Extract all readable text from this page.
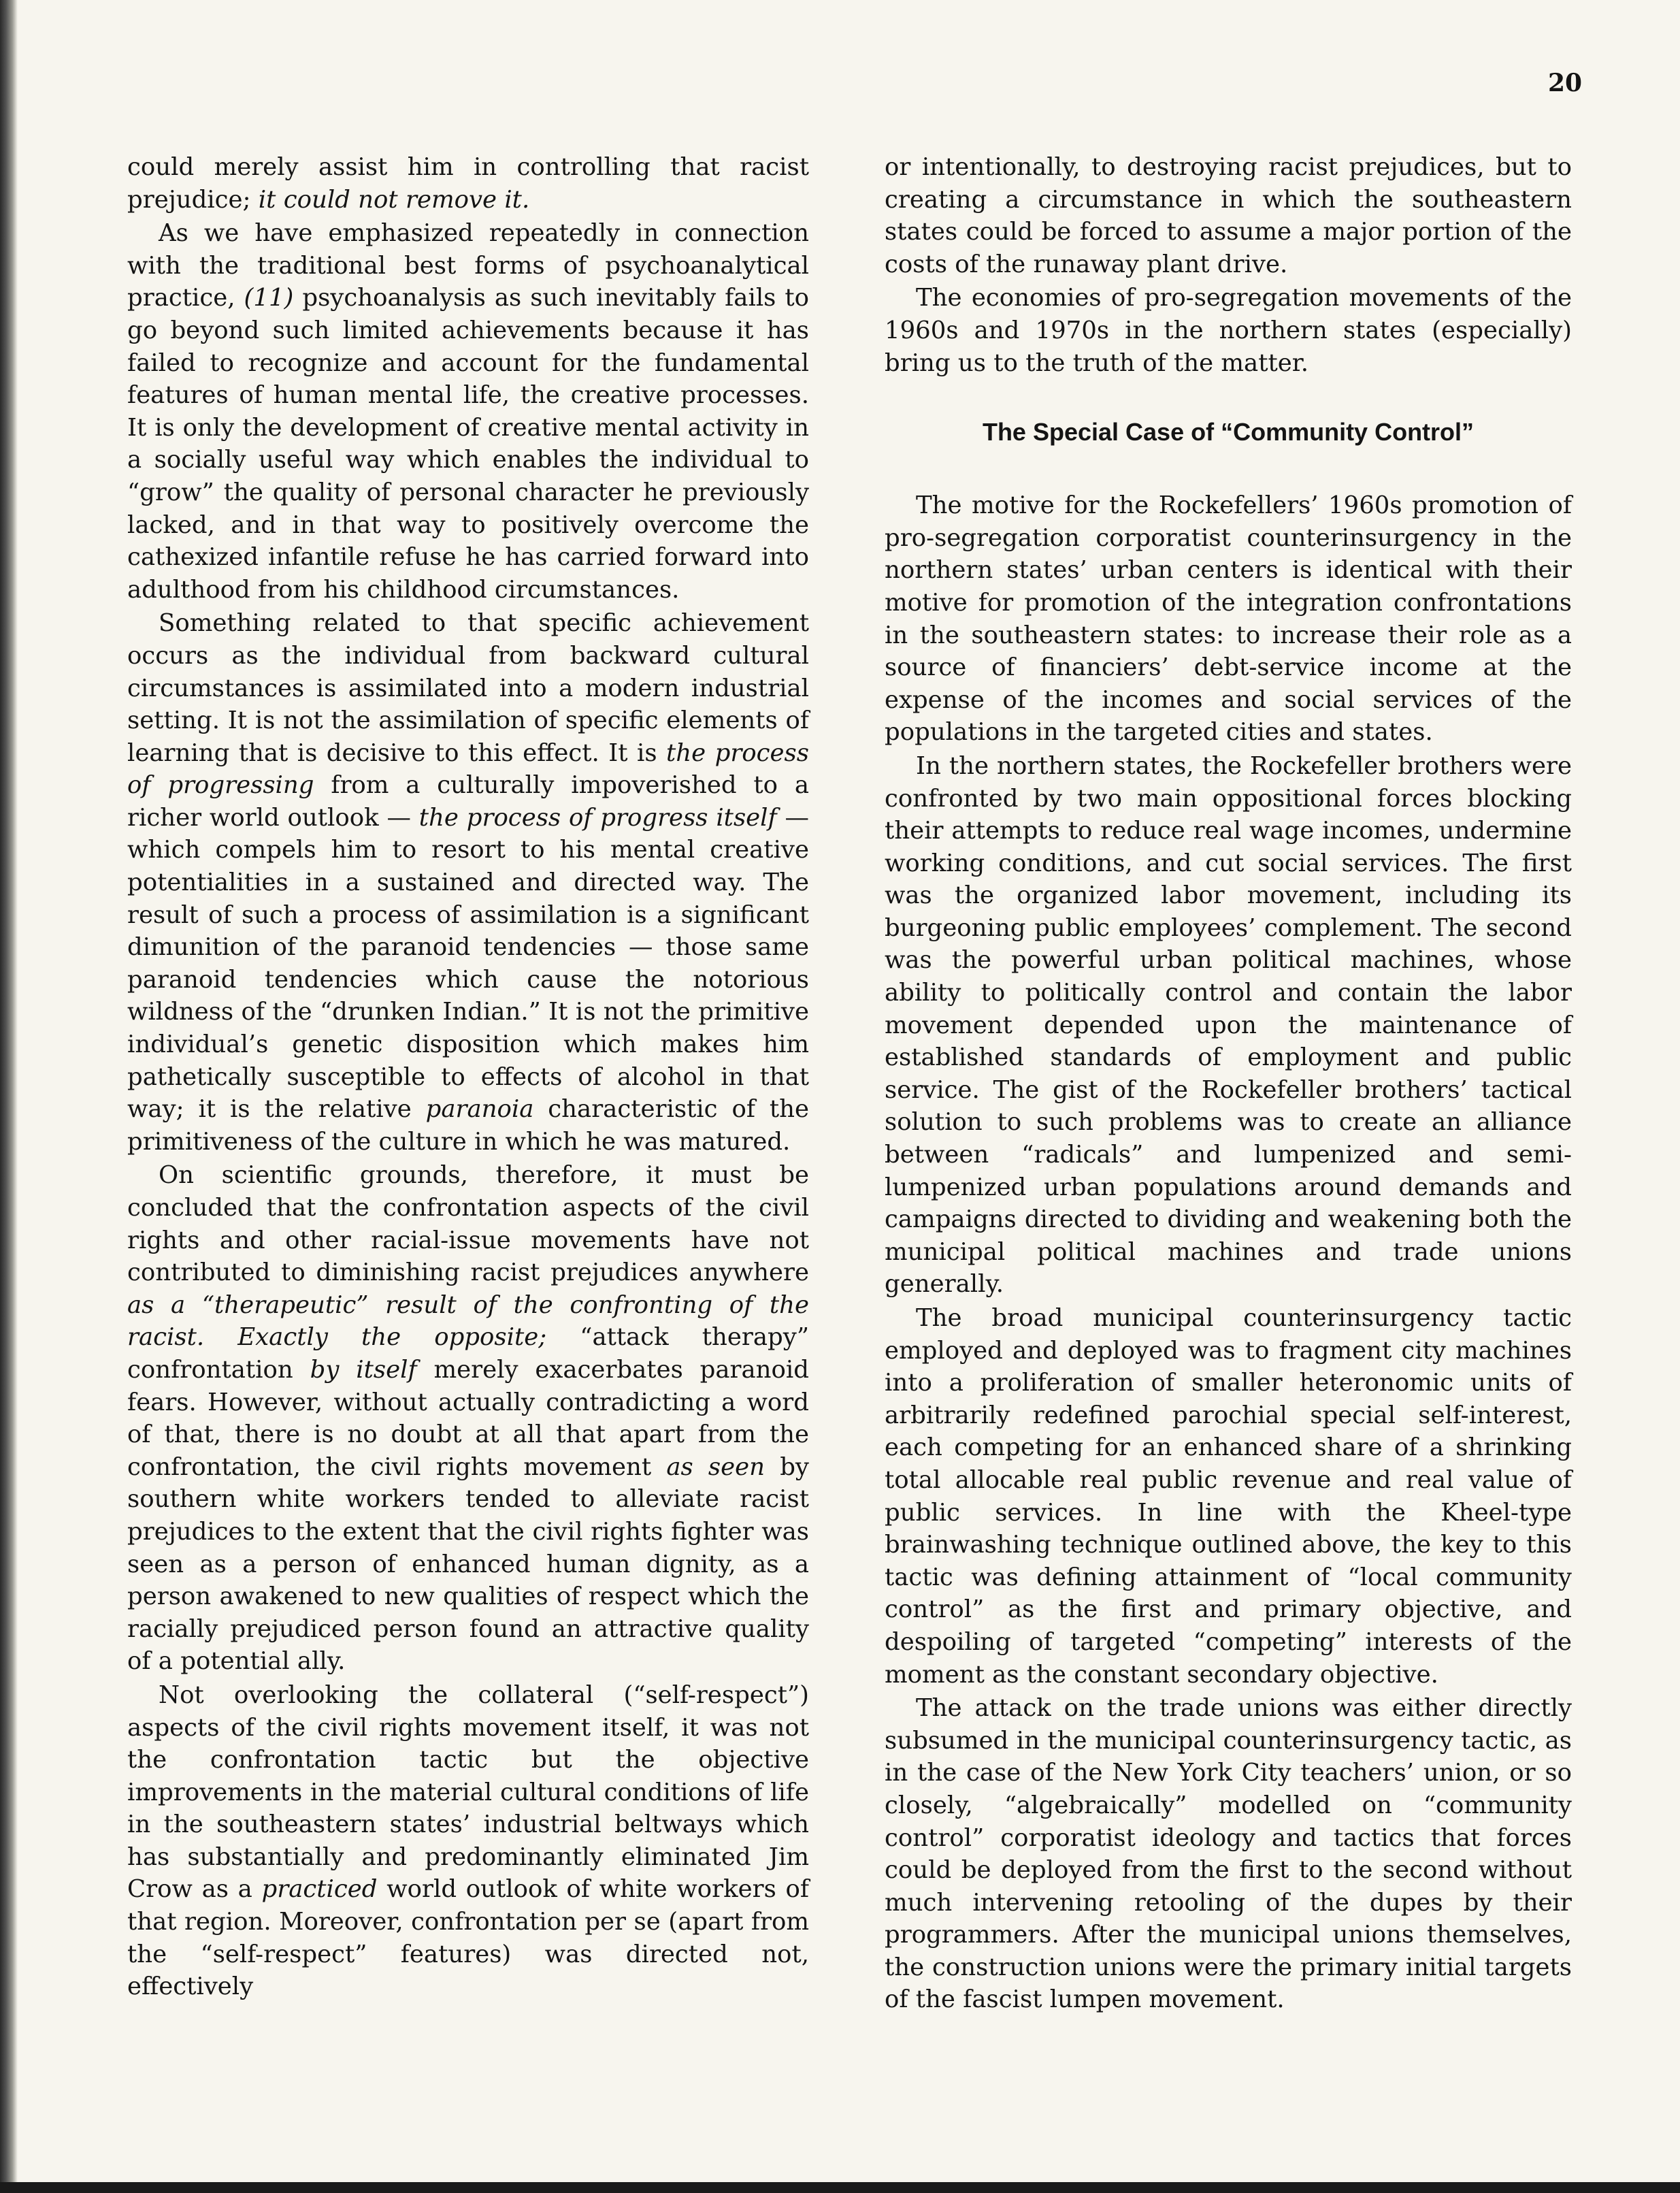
20

could merely assist him in controlling that racist prejudice; it could not remove it.

As we have emphasized repeatedly in connection with the traditional best forms of psychoanalytical practice, (11) psychoanalysis as such inevitably fails to go beyond such limited achievements because it has failed to recognize and account for the fundamental features of human mental life, the creative processes. It is only the development of creative mental activity in a socially useful way which enables the individual to “grow” the quality of personal character he previously lacked, and in that way to positively overcome the cathexized infantile refuse he has carried forward into adulthood from his childhood circumstances.

Something related to that specific achievement occurs as the individual from backward cultural circumstances is assimilated into a modern industrial setting. It is not the assimilation of specific elements of learning that is decisive to this effect. It is the process of progressing from a culturally impoverished to a richer world outlook — the process of progress itself — which compels him to resort to his mental creative potentialities in a sustained and directed way. The result of such a process of assimilation is a significant dimunition of the paranoid tendencies — those same paranoid tendencies which cause the notorious wildness of the “drunken Indian.” It is not the primitive individual’s genetic disposition which makes him pathetically susceptible to effects of alcohol in that way; it is the relative paranoia characteristic of the primitiveness of the culture in which he was matured.

On scientific grounds, therefore, it must be concluded that the confrontation aspects of the civil rights and other racial-issue movements have not contributed to diminishing racist prejudices anywhere as a “therapeutic” result of the confronting of the racist. Exactly the opposite; “attack therapy” confrontation by itself merely exacerbates paranoid fears. However, without actually contradicting a word of that, there is no doubt at all that apart from the confrontation, the civil rights movement as seen by southern white workers tended to alleviate racist prejudices to the extent that the civil rights fighter was seen as a person of enhanced human dignity, as a person awakened to new qualities of respect which the racially prejudiced person found an attractive quality of a potential ally.

Not overlooking the collateral (“self-respect”) aspects of the civil rights movement itself, it was not the confrontation tactic but the objective improvements in the material cultural conditions of life in the southeastern states’ industrial beltways which has substantially and predominantly eliminated Jim Crow as a practiced world outlook of white workers of that region. Moreover, confrontation per se (apart from the “self-respect” features) was directed not, effectively

or intentionally, to destroying racist prejudices, but to creating a circumstance in which the southeastern states could be forced to assume a major portion of the costs of the runaway plant drive.

The economies of pro-segregation movements of the 1960s and 1970s in the northern states (especially) bring us to the truth of the matter.

The Special Case of “Community Control”

The motive for the Rockefellers’ 1960s promotion of pro-segregation corporatist counterinsurgency in the northern states’ urban centers is identical with their motive for promotion of the integration confrontations in the southeastern states: to increase their role as a source of financiers’ debt-service income at the expense of the incomes and social services of the populations in the targeted cities and states.

In the northern states, the Rockefeller brothers were confronted by two main oppositional forces blocking their attempts to reduce real wage incomes, undermine working conditions, and cut social services. The first was the organized labor movement, including its burgeoning public employees’ complement. The second was the powerful urban political machines, whose ability to politically control and contain the labor movement depended upon the maintenance of established standards of employment and public service. The gist of the Rockefeller brothers’ tactical solution to such problems was to create an alliance between “radicals” and lumpenized and semi-lumpenized urban populations around demands and campaigns directed to dividing and weakening both the municipal political machines and trade unions generally.

The broad municipal counterinsurgency tactic employed and deployed was to fragment city machines into a proliferation of smaller heteronomic units of arbitrarily redefined parochial special self-interest, each competing for an enhanced share of a shrinking total allocable real public revenue and real value of public services. In line with the Kheel-type brainwashing technique outlined above, the key to this tactic was defining attainment of “local community control” as the first and primary objective, and despoiling of targeted “competing” interests of the moment as the constant secondary objective.

The attack on the trade unions was either directly subsumed in the municipal counterinsurgency tactic, as in the case of the New York City teachers’ union, or so closely, “algebraically” modelled on “community control” corporatist ideology and tactics that forces could be deployed from the first to the second without much intervening retooling of the dupes by their programmers. After the municipal unions themselves, the construction unions were the primary initial targets of the fascist lumpen movement.
